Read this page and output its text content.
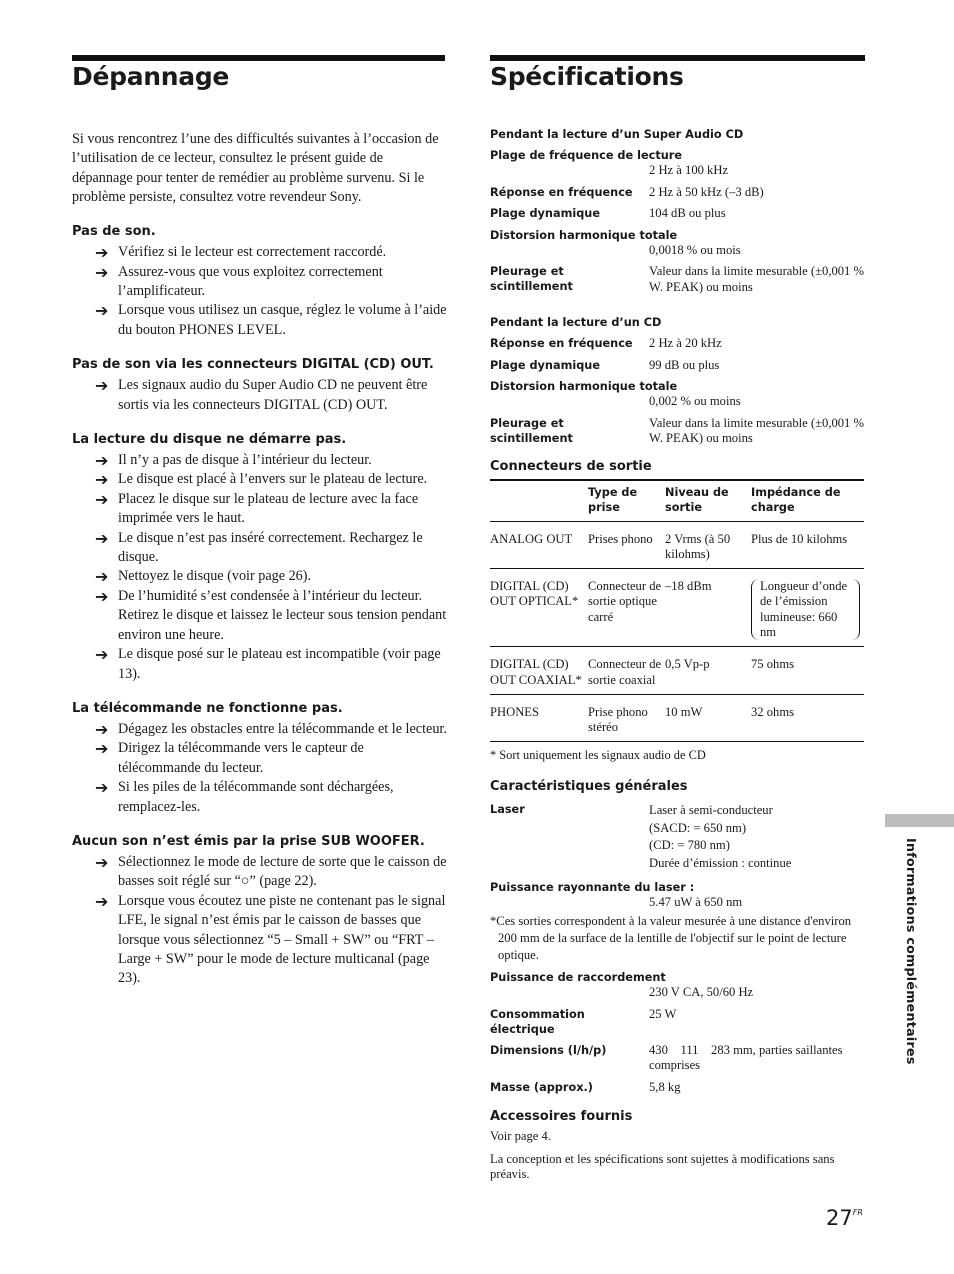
Dépannage	Spécifications

Si vous rencontrez l’une des difficultés suivantes à l’occasion de l’utilisation de ce lecteur, consultez le présent guide de dépannage pour tenter de remédier au problème survenu. Si le problème persiste, consultez votre revendeur Sony.

Pas de son.
➔ Vérifiez si le lecteur est correctement raccordé.
➔ Assurez-vous que vous exploitez correctement l’amplificateur.
➔ Lorsque vous utilisez un casque, réglez le volume à l’aide du bouton PHONES LEVEL.
Pas de son via les connecteurs DIGITAL (CD) OUT.
➔ Les signaux audio du Super Audio CD ne peuvent être sortis via les connecteurs DIGITAL (CD) OUT.
La lecture du disque ne démarre pas.
➔ Il n’y a pas de disque à l’intérieur du lecteur.
➔ Le disque est placé à l’envers sur le plateau de lecture.
➔ Placez le disque sur le plateau de lecture avec la face imprimée vers le haut.
➔ Le disque n’est pas inséré correctement. Rechargez le disque.
➔ Nettoyez le disque (voir page 26).
➔ De l’humidité s’est condensée à l’intérieur du lecteur. Retirez le disque et laissez le lecteur sous tension pendant environ une heure.
➔ Le disque posé sur le plateau est incompatible (voir page 13).
La télécommande ne fonctionne pas.
➔ Dégagez les obstacles entre la télécommande et le lecteur.
➔ Dirigez la télécommande vers le capteur de télécommande du lecteur.
➔ Si les piles de la télécommande sont déchargées, remplacez-les.
Aucun son n’est émis par la prise SUB WOOFER.
➔ Sélectionnez le mode de lecture de sorte que le caisson de basses soit réglé sur “○” (page 22).
➔ Lorsque vous écoutez une piste ne contenant pas le signal LFE, le signal n’est émis par le caisson de basses que lorsque vous sélectionnez “5 – Small + SW” ou “FRT – Large + SW” pour le mode de lecture multicanal (page 23).
Pendant la lecture d’un Super Audio CD
Plage de fréquence de lecture
2 Hz à 100 kHz
Réponse en fréquence	2 Hz à 50 kHz (–3 dB)
Plage dynamique	104 dB ou plus
Distorsion harmonique totale
0,0018 % ou mois
Pleurage et scintillement
Valeur dans la limite mesurable (±0,001 % W. PEAK) ou moins
Pendant la lecture d’un CD
Réponse en fréquence	2 Hz à 20 kHz
Plage dynamique	99 dB ou plus
Distorsion harmonique totale
0,002 % ou moins
Pleurage et scintillement
Valeur dans la limite mesurable (±0,001 % W. PEAK) ou moins
Connecteurs de sortie
	Type de prise	Niveau de sortie	Impédance de charge
ANALOG OUT	Prises phono	2 Vrms (à 50 kilohms)	Plus de 10 kilohms
DIGITAL (CD) OUT OPTICAL*	Connecteur de sortie optique carré	–18 dBm	Longueur d’onde de l’émission lumineuse: 660 nm

DIGITAL (CD) OUT COAXIAL*	Connecteur de sortie coaxial	0,5 Vp-p	75 ohms
PHONES	Prise phono stéréo	10 mW	32 ohms
* Sort uniquement les signaux audio de CD
Caractéristiques générales
Laser	Laser à semi-conducteur
(SACD: = 650 nm)
(CD: = 780 nm)
Durée d’émission : continue
Puissance rayonnante du laser :
5.47 uW à 650 nm
*Ces sorties correspondent à la valeur mesurée à une distance d'environ 200 mm de la surface de la lentille de l'objectif sur le point de lecture optique.
Puissance de raccordement
230 V CA, 50/60 Hz
Consommation électrique
25 W
Dimensions (l/h/p)	430    111    283 mm, parties saillantes comprises
Masse (approx.)	5,8 kg
Accessoires fournis
Voir page 4.
La conception et les spécifications sont sujettes à modifications sans préavis.
Informations complémentaires
$27^{FR}$
